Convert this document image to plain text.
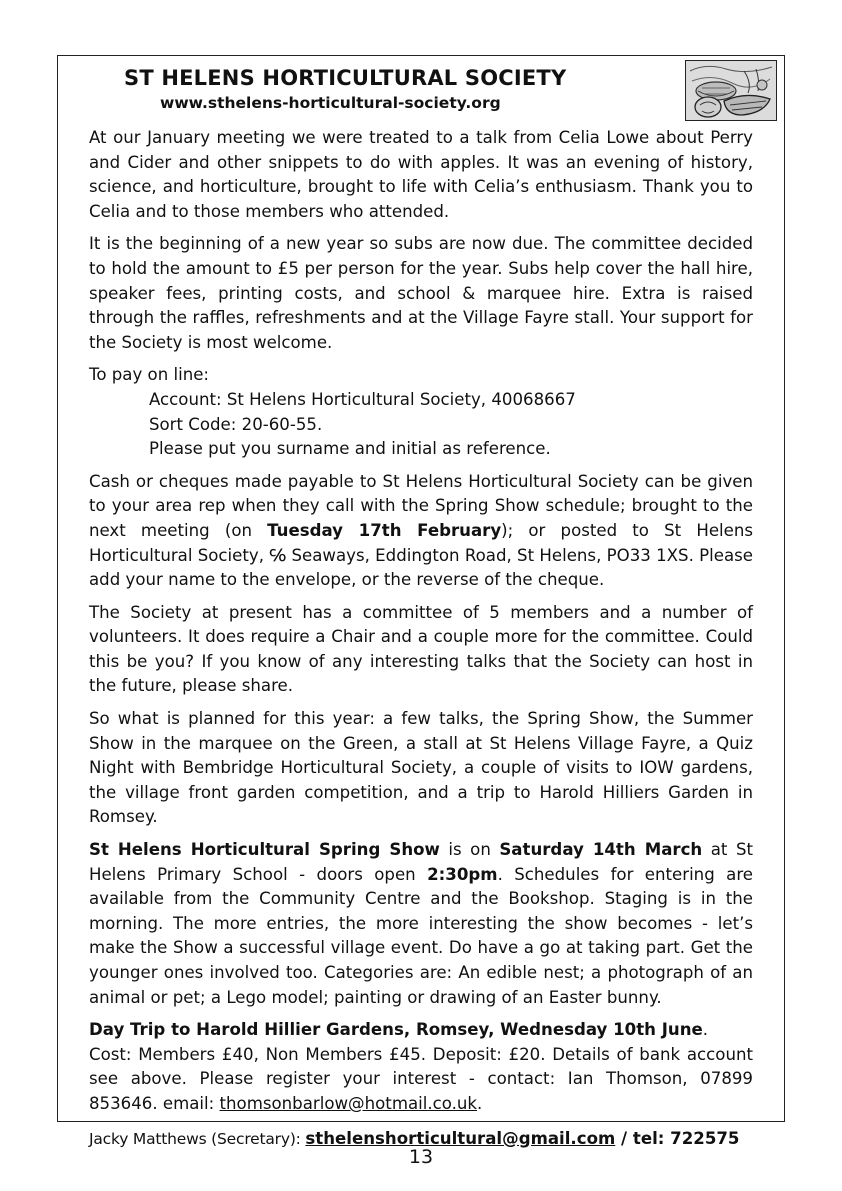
ST HELENS HORTICULTURAL SOCIETY
www.sthelens-horticultural-society.org

At our January meeting we were treated to a talk from Celia Lowe about Perry and Cider and other snippets to do with apples. It was an evening of history, science, and horticulture, brought to life with Celia’s enthusiasm. Thank you to Celia and to those members who attended.

It is the beginning of a new year so subs are now due. The committee decided to hold the amount to £5 per person for the year. Subs help cover the hall hire, speaker fees, printing costs, and school & marquee hire. Extra is raised through the raffles, refreshments and at the Village Fayre stall. Your support for the Society is most welcome.

To pay on line:
Account: St Helens Horticultural Society, 40068667
Sort Code: 20-60-55.
Please put you surname and initial as reference.

Cash or cheques made payable to St Helens Horticultural Society can be given to your area rep when they call with the Spring Show schedule; brought to the next meeting (on Tuesday 17th February); or posted to St Helens Horticultural Society, ℅ Seaways, Eddington Road, St Helens, PO33 1XS. Please add your name to the envelope, or the reverse of the cheque.

The Society at present has a committee of 5 members and a number of volunteers. It does require a Chair and a couple more for the committee. Could this be you? If you know of any interesting talks that the Society can host in the future, please share.

So what is planned for this year: a few talks, the Spring Show, the Summer Show in the marquee on the Green, a stall at St Helens Village Fayre, a Quiz Night with Bembridge Horticultural Society, a couple of visits to IOW gardens, the village front garden competition, and a trip to Harold Hilliers Garden in Romsey.

St Helens Horticultural Spring Show is on Saturday 14th March at St Helens Primary School - doors open 2:30pm. Schedules for entering are available from the Community Centre and the Bookshop. Staging is in the morning. The more entries, the more interesting the show becomes - let’s make the Show a successful village event. Do have a go at taking part. Get the younger ones involved too. Categories are: An edible nest; a photograph of an animal or pet; a Lego model; painting or drawing of an Easter bunny.

Day Trip to Harold Hillier Gardens, Romsey, Wednesday 10th June.
Cost: Members £40, Non Members £45. Deposit: £20. Details of bank account see above. Please register your interest - contact: Ian Thomson, 07899 853646. email: thomsonbarlow@hotmail.co.uk.

Jacky Matthews (Secretary): sthelenshorticultural@gmail.com / tel: 722575
13
